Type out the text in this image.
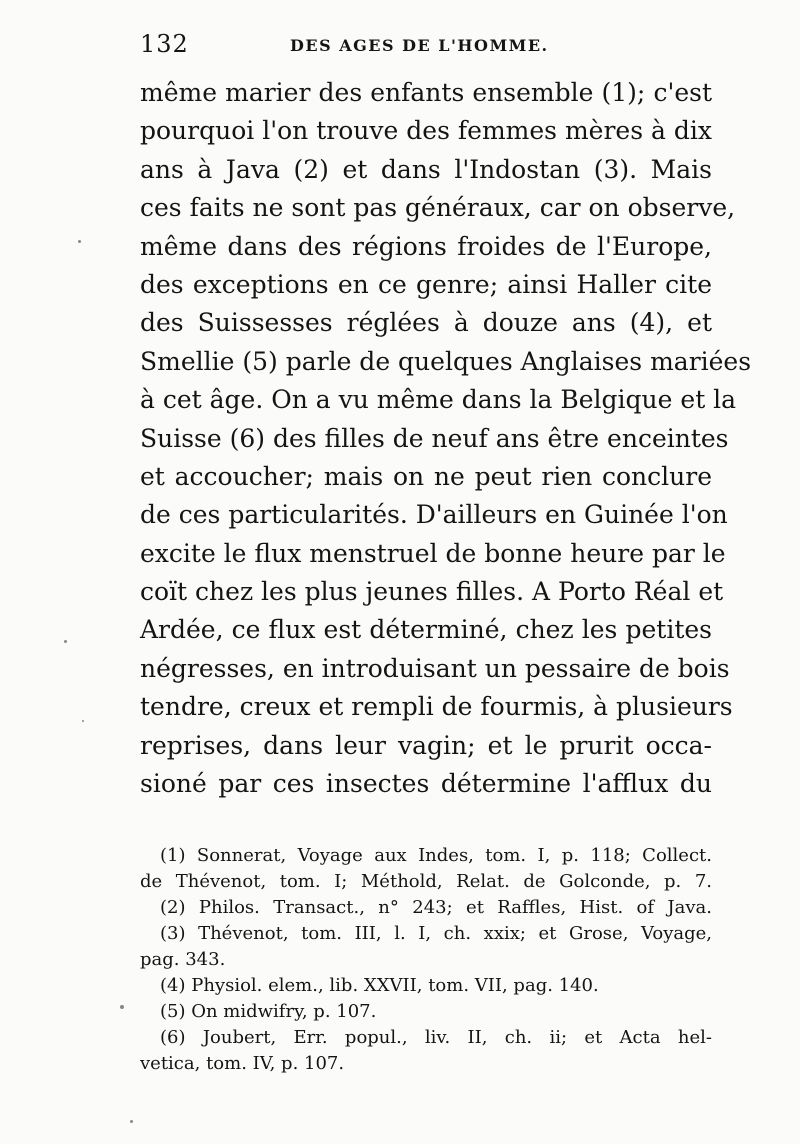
132	DES AGES DE L'HOMME.
même marier des enfants ensemble (1); c'est
pourquoi l'on trouve des femmes mères à dix
ans à Java (2) et dans l'Indostan (3). Mais
ces faits ne sont pas généraux, car on observe,
même dans des régions froides de l'Europe,
des exceptions en ce genre; ainsi Haller cite
des Suissesses réglées à douze ans (4), et
Smellie (5) parle de quelques Anglaises mariées
à cet âge. On a vu même dans la Belgique et la
Suisse (6) des filles de neuf ans être enceintes
et accoucher; mais on ne peut rien conclure
de ces particularités. D'ailleurs en Guinée l'on
excite le flux menstruel de bonne heure par le
coït chez les plus jeunes filles. A Porto Réal et
Ardée, ce flux est déterminé, chez les petites
négresses, en introduisant un pessaire de bois
tendre, creux et rempli de fourmis, à plusieurs
reprises, dans leur vagin; et le prurit occa-
sioné par ces insectes détermine l'afflux du
(1) Sonnerat, Voyage aux Indes, tom. I, p. 118; Collect.
de Thévenot, tom. I; Méthold, Relat. de Golconde, p. 7.
(2) Philos. Transact., n° 243; et Raffles, Hist. of Java.
(3) Thévenot, tom. III, l. I, ch. xxix; et Grose, Voyage,
pag. 343.
(4) Physiol. elem., lib. XXVII, tom. VII, pag. 140.
(5) On midwifry, p. 107.
(6) Joubert, Err. popul., liv. II, ch. ii; et Acta hel-
vetica, tom. IV, p. 107.
